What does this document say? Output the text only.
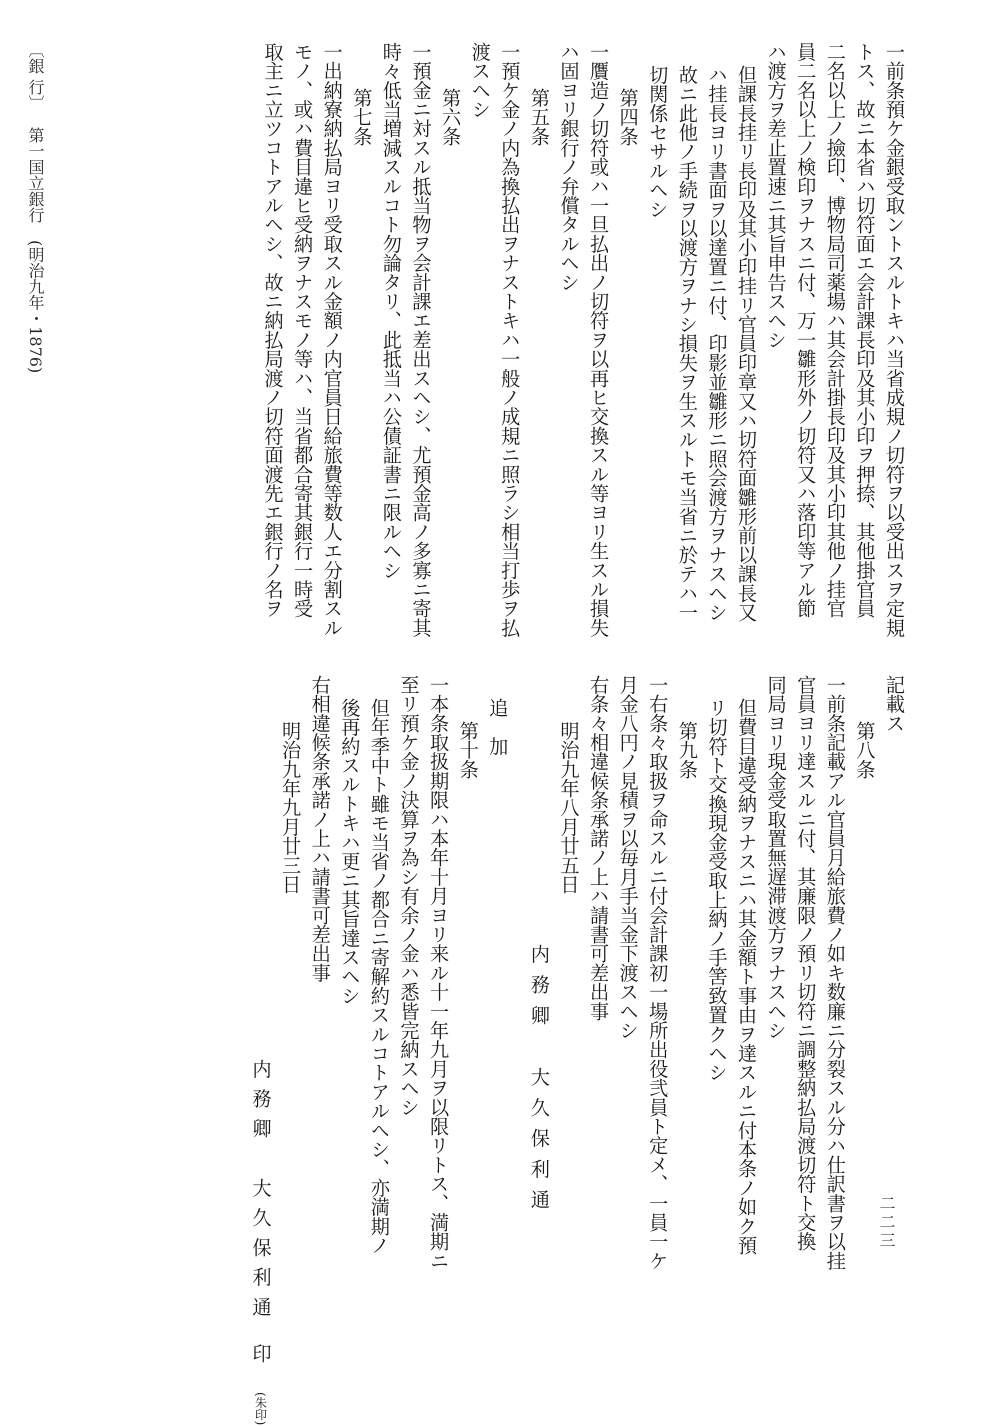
一前条預ケ金銀受取ントスルトキハ当省成規ノ切符ヲ以受出スヲ定規
トス、故ニ本省ハ切符面エ会計課長印及其小印ヲ押捺、其他掛官員
二名以上ノ撿印、博物局司薬場ハ其会計掛長印及其小印其他ノ挂官
員二名以上ノ検印ヲナスニ付、万一雛形外ノ切符又ハ落印等アル節
ハ渡方ヲ差止置速ニ其旨申告スヘシ
但課長挂リ長印及其小印挂リ官員印章又ハ切符面雛形前以課長又
ハ挂長ヨリ書面ヲ以達置ニ付、印影並雛形ニ照会渡方ヲナスヘシ
故ニ此他ノ手続ヲ以渡方ヲナシ損失ヲ生スルトモ当省ニ於テハ一
切関係セサルヘシ
第四条
一贋造ノ切符或ハ一旦払出ノ切符ヲ以再ヒ交換スル等ヨリ生スル損失
ハ固ヨリ銀行ノ弁償タルヘシ
第五条
一預ケ金ノ内為換払出ヲナストキハ一般ノ成規ニ照ラシ相当打歩ヲ払
渡スヘシ
第六条
一預金ニ対スル抵当物ヲ会計課エ差出スヘシ、尤預金高ノ多寡ニ寄其
時々低当増減スルコト勿論タリ、此抵当ハ公債証書ニ限ルヘシ
第七条
一出納寮納払局ヨリ受取スル金額ノ内官員日給旅費等数人エ分割スル
モノ、或ハ費目違ヒ受納ヲナスモノ等ハ、当省都合寄其銀行一時受
取主ニ立ツコトアルヘシ、故ニ納払局渡ノ切符面渡先エ銀行ノ名ヲ
記載ス
第八条
一前条記載アル官員月給旅費ノ如キ数廉ニ分裂スル分ハ仕訳書ヲ以挂
官員ヨリ達スルニ付、其廉限ノ預リ切符ニ調整納払局渡切符ト交換
同局ヨリ現金受取置無遅滞渡方ヲナスヘシ
但費目違受納ヲナスニハ其金額ト事由ヲ達スルニ付本条ノ如ク預
リ切符ト交換現金受取上納ノ手筈致置クヘシ
第九条
一右条々取扱ヲ命スルニ付会計課初一場所出役弐員ト定メ、一員一ケ
月金八円ノ見積ヲ以毎月手当金下渡スヘシ
右条々相違候条承諾ノ上ハ請書可差出事
明治九年八月廿五日
内務卿　大久保利通
追　加
第十条
一本条取扱期限ハ本年十月ヨリ来ル十一年九月ヲ以限リトス、満期ニ
至リ預ケ金ノ決算ヲ為シ有余ノ金ハ悉皆完納スヘシ
但年季中ト雖モ当省ノ都合ニ寄解約スルコトアルヘシ、亦満期ノ
後再約スルトキハ更ニ其旨達スヘシ
右相違候条承諾ノ上ハ請書可差出事
明治九年九月廿三日
内務卿　大久保利通 印 (朱印)
〔銀 行〕 第一国立銀行 (明治九年・1876)
二二三
